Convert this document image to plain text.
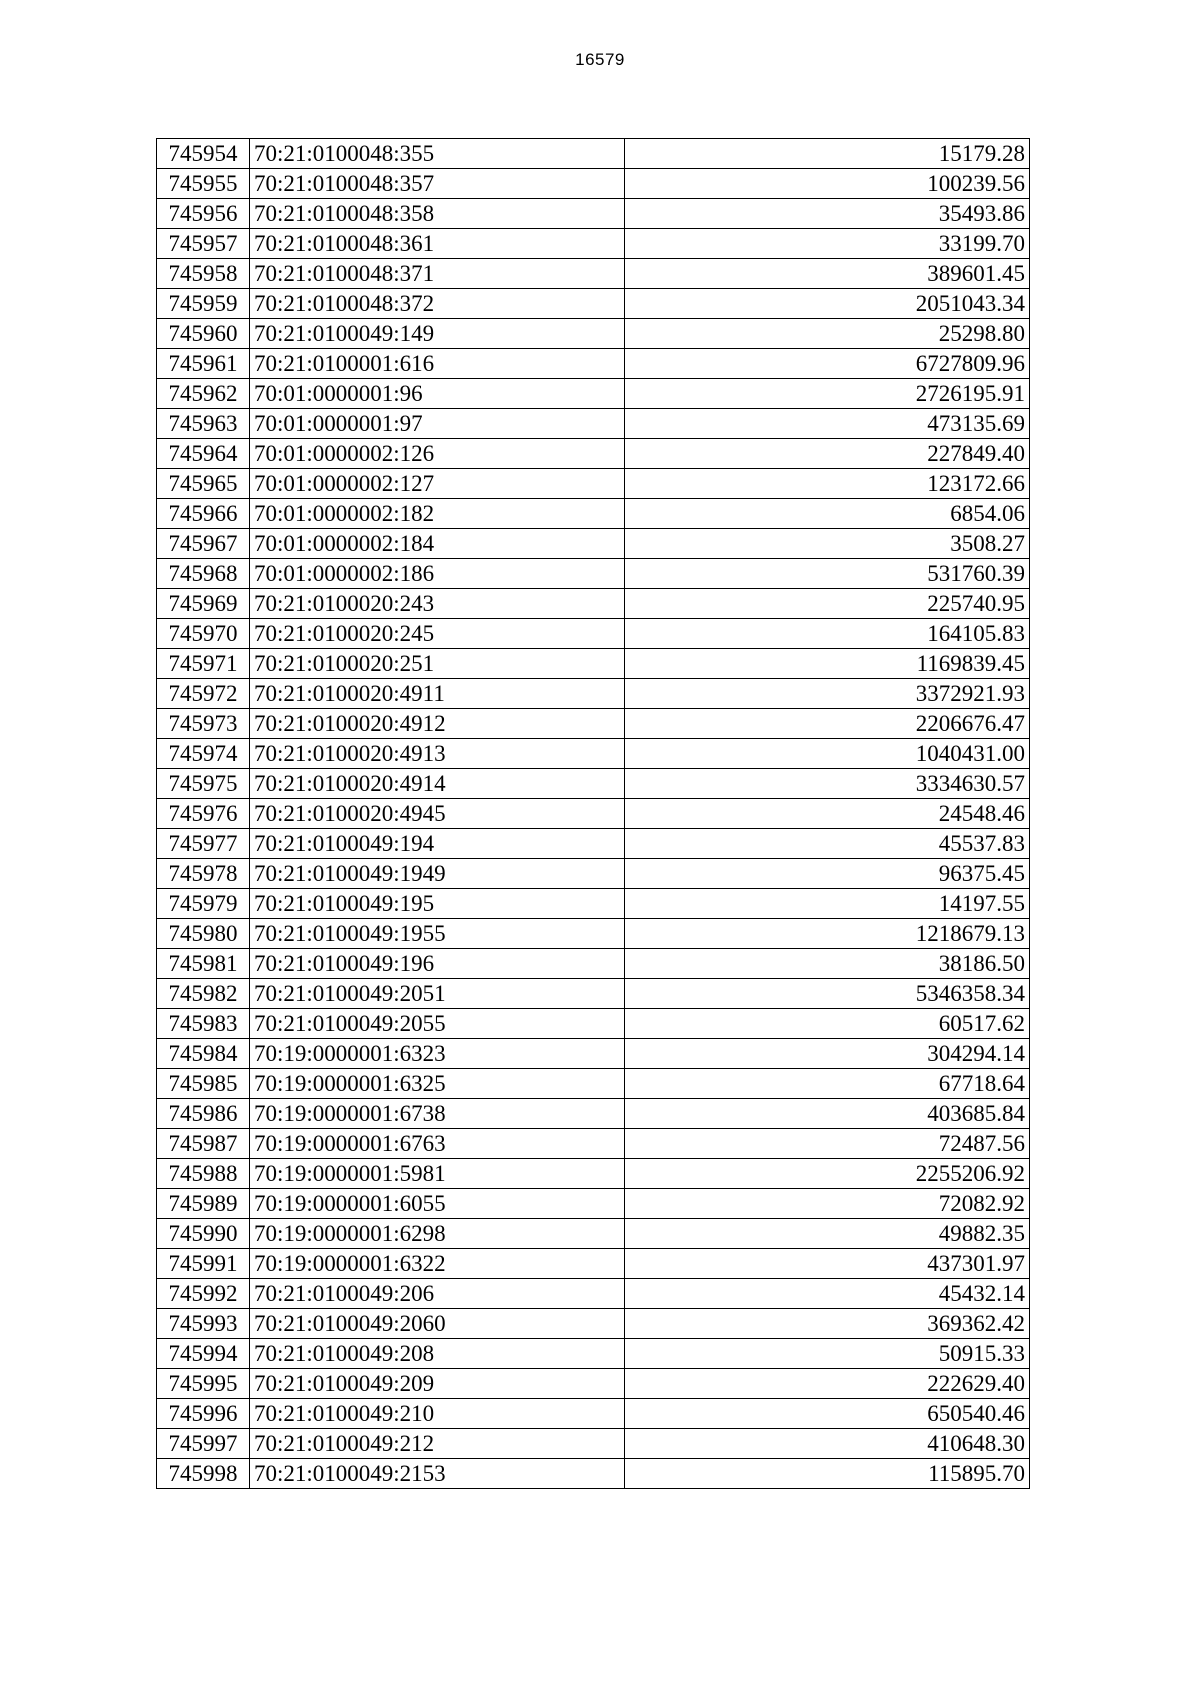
16579
745954	70:21:0100048:355	15179.28
745955	70:21:0100048:357	100239.56
745956	70:21:0100048:358	35493.86
745957	70:21:0100048:361	33199.70
745958	70:21:0100048:371	389601.45
745959	70:21:0100048:372	2051043.34
745960	70:21:0100049:149	25298.80
745961	70:21:0100001:616	6727809.96
745962	70:01:0000001:96	2726195.91
745963	70:01:0000001:97	473135.69
745964	70:01:0000002:126	227849.40
745965	70:01:0000002:127	123172.66
745966	70:01:0000002:182	6854.06
745967	70:01:0000002:184	3508.27
745968	70:01:0000002:186	531760.39
745969	70:21:0100020:243	225740.95
745970	70:21:0100020:245	164105.83
745971	70:21:0100020:251	1169839.45
745972	70:21:0100020:4911	3372921.93
745973	70:21:0100020:4912	2206676.47
745974	70:21:0100020:4913	1040431.00
745975	70:21:0100020:4914	3334630.57
745976	70:21:0100020:4945	24548.46
745977	70:21:0100049:194	45537.83
745978	70:21:0100049:1949	96375.45
745979	70:21:0100049:195	14197.55
745980	70:21:0100049:1955	1218679.13
745981	70:21:0100049:196	38186.50
745982	70:21:0100049:2051	5346358.34
745983	70:21:0100049:2055	60517.62
745984	70:19:0000001:6323	304294.14
745985	70:19:0000001:6325	67718.64
745986	70:19:0000001:6738	403685.84
745987	70:19:0000001:6763	72487.56
745988	70:19:0000001:5981	2255206.92
745989	70:19:0000001:6055	72082.92
745990	70:19:0000001:6298	49882.35
745991	70:19:0000001:6322	437301.97
745992	70:21:0100049:206	45432.14
745993	70:21:0100049:2060	369362.42
745994	70:21:0100049:208	50915.33
745995	70:21:0100049:209	222629.40
745996	70:21:0100049:210	650540.46
745997	70:21:0100049:212	410648.30
745998	70:21:0100049:2153	115895.70
